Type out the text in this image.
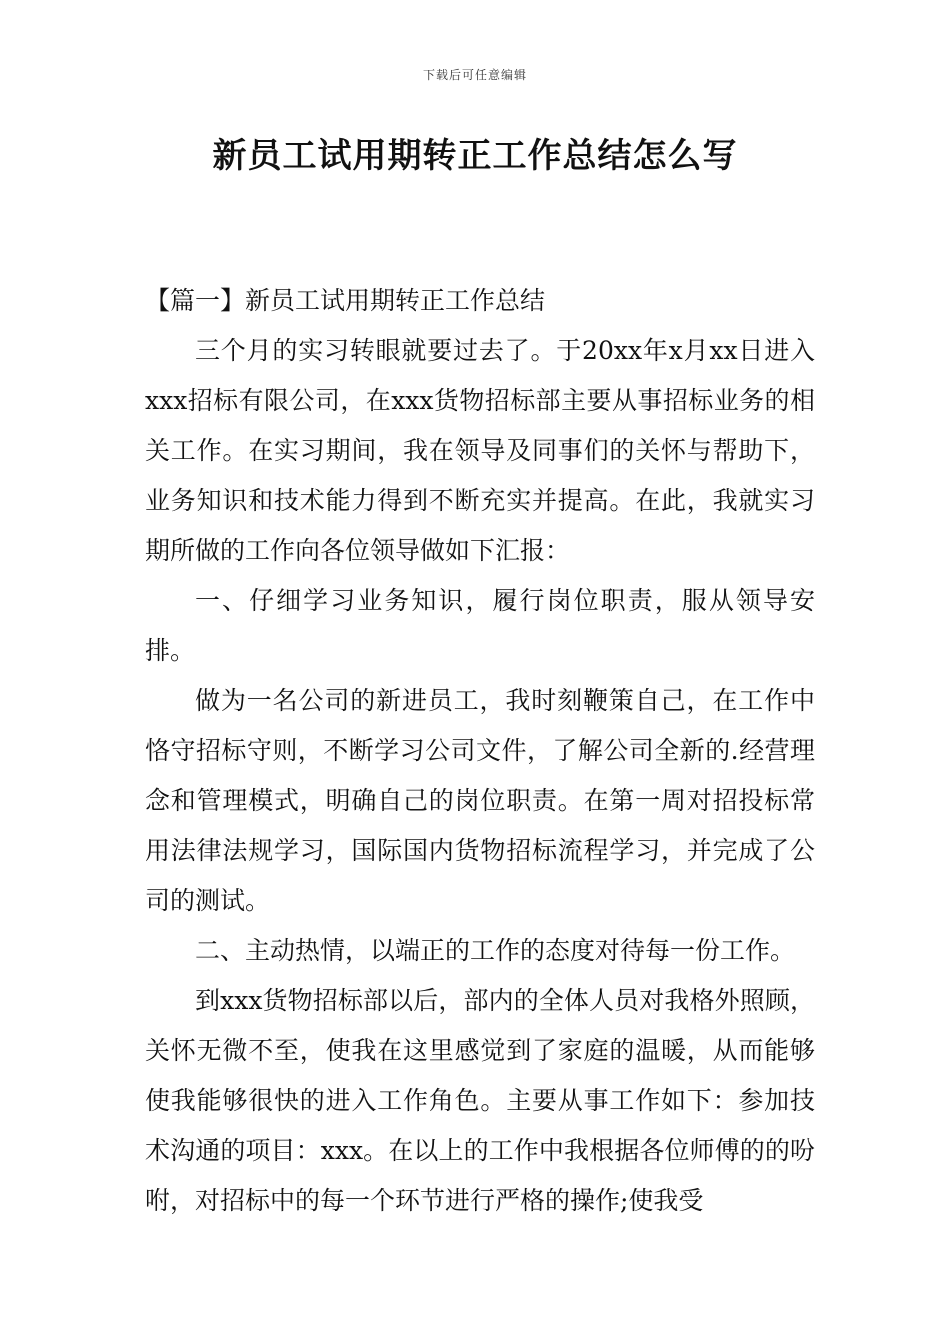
下载后可任意编辑
新员工试用期转正工作总结怎么写
【篇一】新员工试用期转正工作总结

三个月的实习转眼就要过去了。于20xx年x月xx日进入xxx招标有限公司，在xxx货物招标部主要从事招标业务的相关工作。在实习期间，我在领导及同事们的关怀与帮助下，业务知识和技术能力得到不断充实并提高。在此，我就实习期所做的工作向各位领导做如下汇报：

一、仔细学习业务知识，履行岗位职责，服从领导安排。

做为一名公司的新进员工，我时刻鞭策自己，在工作中恪守招标守则，不断学习公司文件，了解公司全新的.经营理念和管理模式，明确自己的岗位职责。在第一周对招投标常用法律法规学习，国际国内货物招标流程学习，并完成了公司的测试。

二、主动热情，以端正的工作的态度对待每一份工作。

到xxx货物招标部以后，部内的全体人员对我格外照顾，关怀无微不至，使我在这里感觉到了家庭的温暖，从而能够使我能够很快的进入工作角色。主要从事工作如下：参加技术沟通的项目：xxx。在以上的工作中我根据各位师傅的的吩咐，对招标中的每一个环节进行严格的操作;使我受
